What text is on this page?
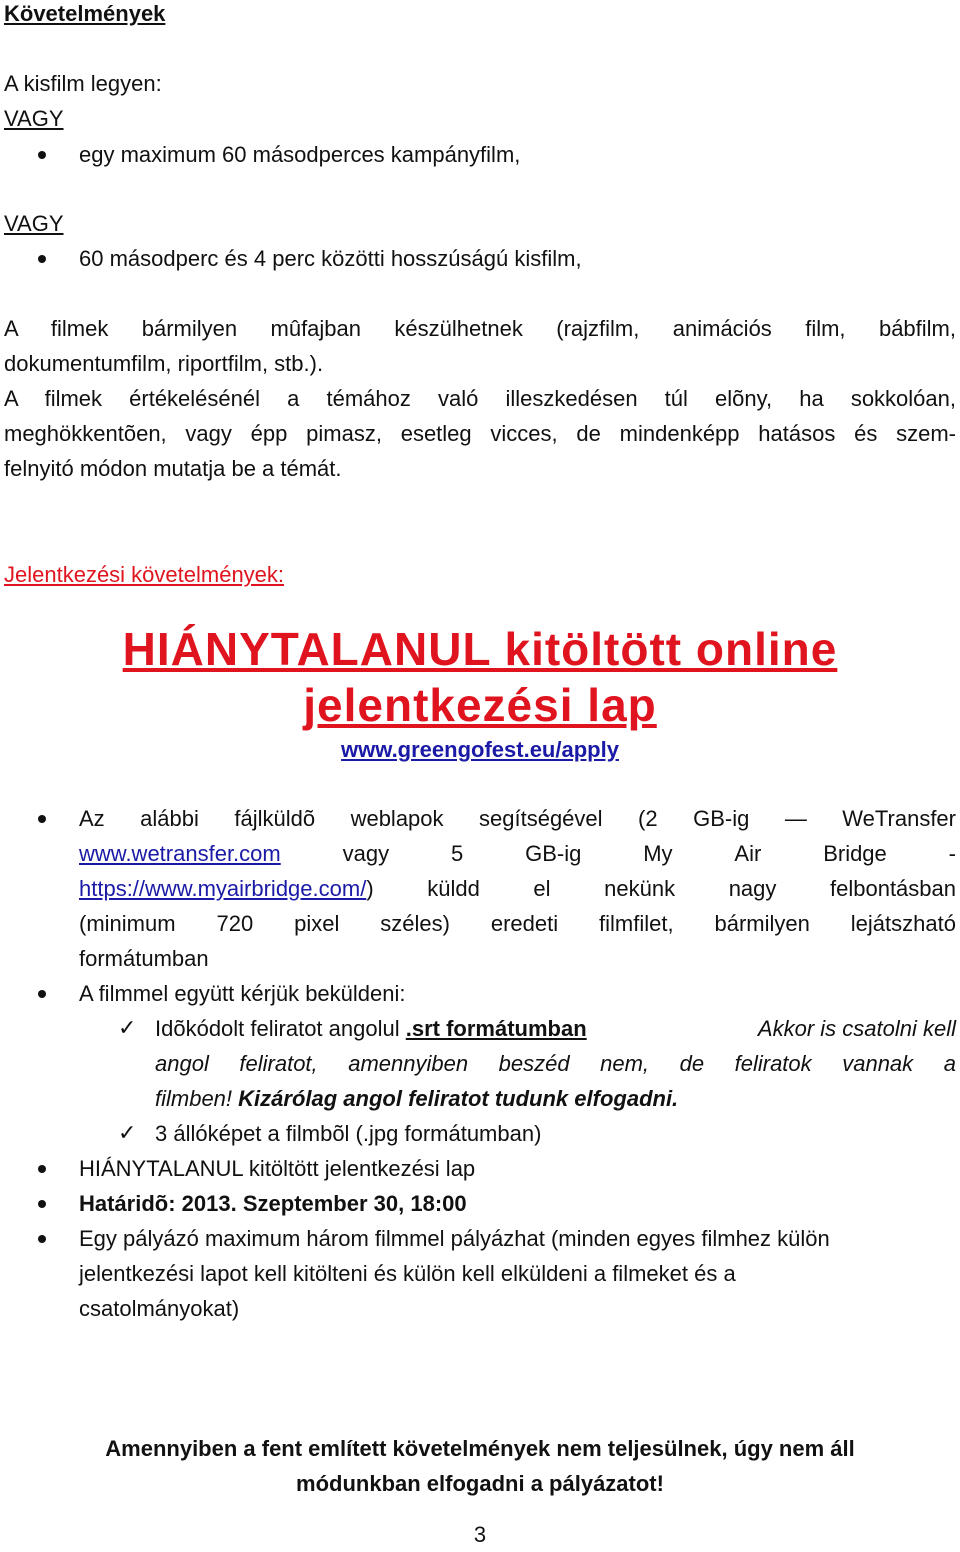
Követelmények
A kisfilm legyen:
VAGY
egy maximum 60 másodperces kampányfilm,
VAGY
60 másodperc és 4 perc közötti hosszúságú kisfilm,
A filmek bármilyen mûfajban készülhetnek (rajzfilm, animációs film, bábfilm,
dokumentumfilm, riportfilm, stb.).
A filmek értékelésénél a témához való illeszkedésen túl elõny, ha sokkolóan,
meghökkentõen, vagy épp pimasz, esetleg vicces, de mindenképp hatásos és szem-
felnyitó módon mutatja be a témát.
Jelentkezési követelmények:
HIÁNYTALANUL kitöltött online
jelentkezési lap
www.greengofest.eu/apply
Az alábbi fájlküldõ weblapok segítségével (2 GB-ig — WeTransfer
www.wetransfer.com	vagy	5	GB-ig	My	Air	Bridge	-
https://www.myairbridge.com/) küldd el nekünk nagy felbontásban
(minimum 720 pixel széles) eredeti filmfilet, bármilyen lejátszható
formátumban
A filmmel együtt kérjük beküldeni:
✓ Idõkódolt feliratot angolul .srt formátumban	Akkor is csatolni kell
angol feliratot, amennyiben beszéd nem, de feliratok vannak a
filmben! Kizárólag angol feliratot tudunk elfogadni.
✓ 3 állóképet a filmbõl (.jpg formátumban)
HIÁNYTALANUL kitöltött jelentkezési lap
Határidõ: 2013. Szeptember 30, 18:00
Egy pályázó maximum három filmmel pályázhat (minden egyes filmhez külön
jelentkezési lapot kell kitölteni és külön kell elküldeni a filmeket és a
csatolmányokat)
Amennyiben a fent említett követelmények nem teljesülnek, úgy nem áll
módunkban elfogadni a pályázatot!
3
